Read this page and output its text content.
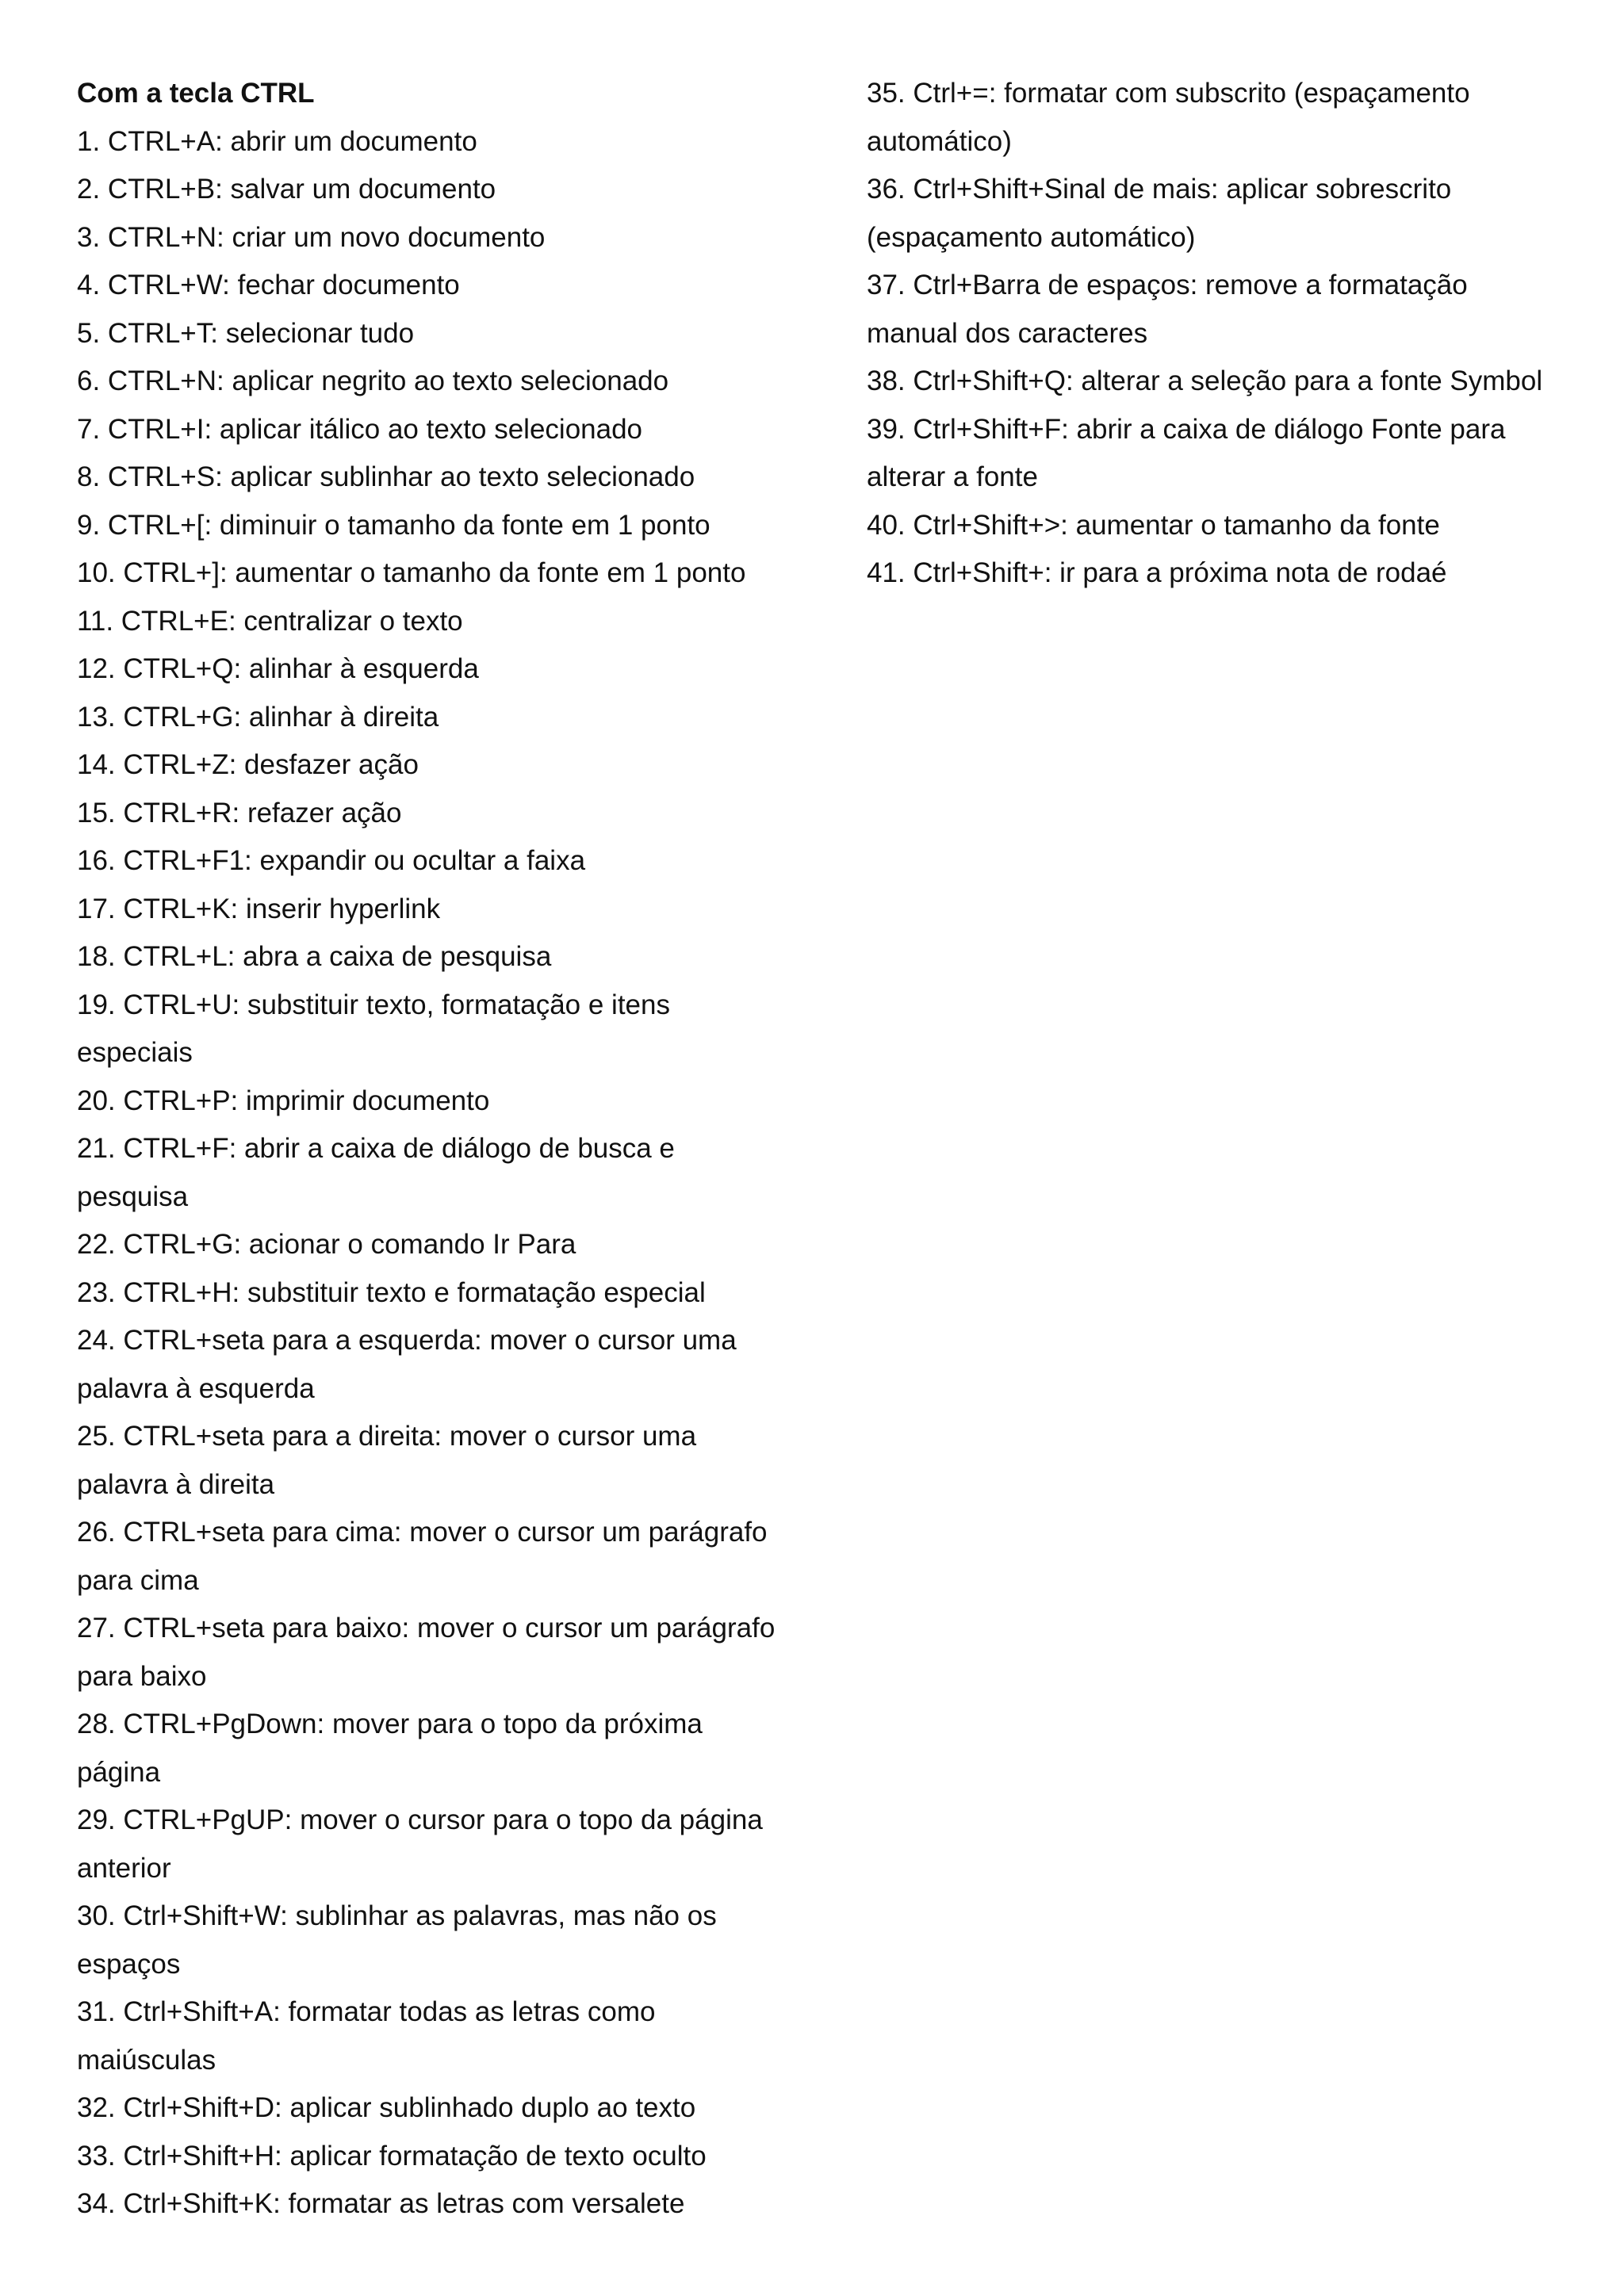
Com a tecla CTRL

1. CTRL+A: abrir um documento
2. CTRL+B: salvar um documento
3. CTRL+N: criar um novo documento
4. CTRL+W: fechar documento
5. CTRL+T: selecionar tudo
6. CTRL+N: aplicar negrito ao texto selecionado
7. CTRL+I: aplicar itálico ao texto selecionado
8. CTRL+S: aplicar sublinhar ao texto selecionado
9. CTRL+[: diminuir o tamanho da fonte em 1 ponto
10. CTRL+]: aumentar o tamanho da fonte em 1 ponto
11. CTRL+E: centralizar o texto
12. CTRL+Q: alinhar à esquerda
13. CTRL+G: alinhar à direita
14. CTRL+Z: desfazer ação
15. CTRL+R: refazer ação
16. CTRL+F1: expandir ou ocultar a faixa
17. CTRL+K: inserir hyperlink
18. CTRL+L: abra a caixa de pesquisa
19. CTRL+U: substituir texto, formatação e itens
especiais
20. CTRL+P: imprimir documento
21. CTRL+F: abrir a caixa de diálogo de busca e
pesquisa
22. CTRL+G: acionar o comando Ir Para
23. CTRL+H: substituir texto e formatação especial
24. CTRL+seta para a esquerda: mover o cursor uma
palavra à esquerda
25. CTRL+seta para a direita: mover o cursor uma
palavra à direita
26. CTRL+seta para cima: mover o cursor um parágrafo
para cima
27. CTRL+seta para baixo: mover o cursor um parágrafo
para baixo
28. CTRL+PgDown: mover para o topo da próxima
página
29. CTRL+PgUP: mover o cursor para o topo da página
anterior
30. Ctrl+Shift+W: sublinhar as palavras, mas não os
espaços
31. Ctrl+Shift+A: formatar todas as letras como
maiúsculas
32. Ctrl+Shift+D: aplicar sublinhado duplo ao texto
33. Ctrl+Shift+H: aplicar formatação de texto oculto
34. Ctrl+Shift+K: formatar as letras com versalete
35. Ctrl+=: formatar com subscrito (espaçamento
automático)
36. Ctrl+Shift+Sinal de mais: aplicar sobrescrito
(espaçamento automático)
37. Ctrl+Barra de espaços: remove a formatação
manual dos caracteres
38. Ctrl+Shift+Q: alterar a seleção para a fonte Symbol
39. Ctrl+Shift+F: abrir a caixa de diálogo Fonte para
alterar a fonte
40. Ctrl+Shift+>: aumentar o tamanho da fonte
41. Ctrl+Shift+: ir para a próxima nota de rodaé
